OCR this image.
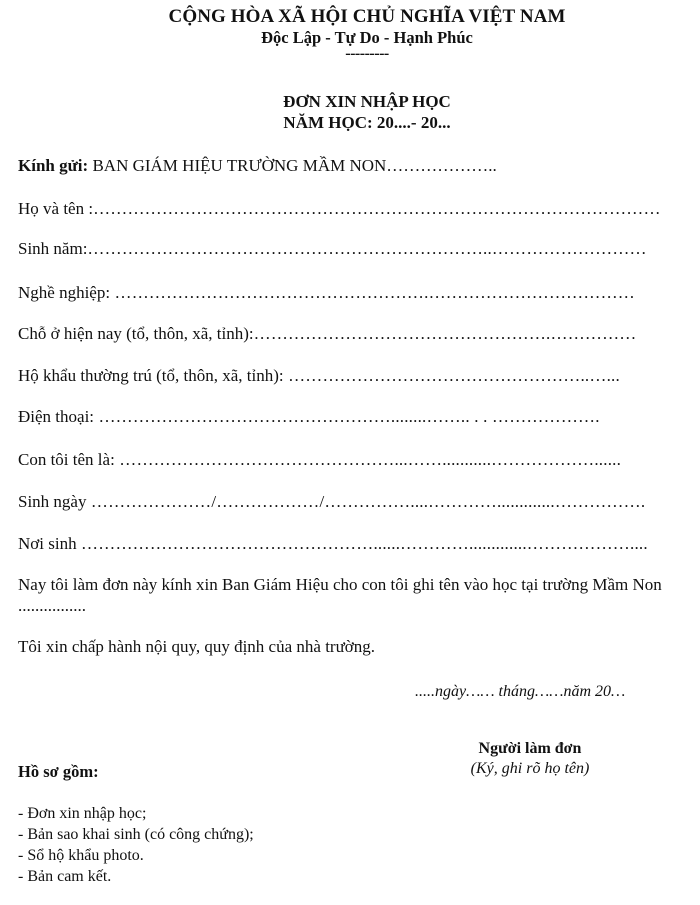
CỘNG HÒA XÃ HỘI CHỦ NGHĨA VIỆT NAM
Độc Lập - Tự Do - Hạnh Phúc
---------
ĐƠN XIN NHẬP HỌC
NĂM HỌC: 20....- 20...
Kính gửi: BAN GIÁM HIỆU TRƯỜNG MẦM NON………………..
Họ và tên :………………………………………………………………………………………
Sinh năm:……………………………………………………………..………………………
Nghề nghiệp: ……………………………………………….………………………………
Chỗ ở hiện nay (tổ, thôn, xã, tỉnh):…………………………………………….……………
Hộ khẩu thường trú (tổ, thôn, xã, tỉnh): ……………………………………………..…...
Điện thoại: ……………………………………………........…….. . . ……………….
Con tôi tên là: …………………………………………...……...........………………......
Sinh ngày …………………/………………/……………....………….............…………….
Nơi sinh ……………………………………………......………….............………………....
Nay tôi làm đơn này kính xin Ban Giám Hiệu cho con tôi ghi tên vào học tại trường Mầm Non ................
Tôi xin chấp hành nội quy, quy định của nhà trường.
.....ngày…… tháng……năm 20…
Người làm đơn
(Ký, ghi rõ họ tên)
Hồ sơ gồm:
- Đơn xin nhập học;
- Bản sao khai sinh (có công chứng);
- Sổ hộ khẩu photo.
- Bản cam kết.
